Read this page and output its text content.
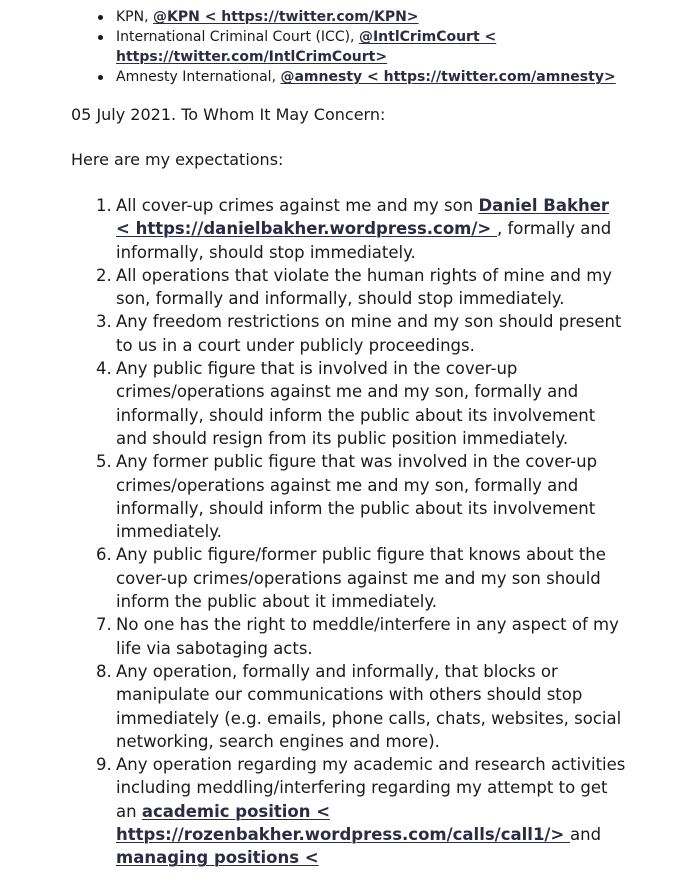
KPN, @KPN < https://twitter.com/KPN>
International Criminal Court (ICC), @IntlCrimCourt < https://twitter.com/IntlCrimCourt>
Amnesty International, @amnesty < https://twitter.com/amnesty>

05 July 2021. To Whom It May Concern:

Here are my expectations:

1. All cover-up crimes against me and my son Daniel Bakher < https://danielbakher.wordpress.com/> , formally and informally, should stop immediately.
2. All operations that violate the human rights of mine and my son, formally and informally, should stop immediately.
3. Any freedom restrictions on mine and my son should present to us in a court under publicly proceedings.
4. Any public figure that is involved in the cover-up crimes/operations against me and my son, formally and informally, should inform the public about its involvement and should resign from its public position immediately.
5. Any former public figure that was involved in the cover-up crimes/operations against me and my son, formally and informally, should inform the public about its involvement immediately.
6. Any public figure/former public figure that knows about the cover-up crimes/operations against me and my son should inform the public about it immediately.
7. No one has the right to meddle/interfere in any aspect of my life via sabotaging acts.
8. Any operation, formally and informally, that blocks or manipulate our communications with others should stop immediately (e.g. emails, phone calls, chats, websites, social networking, search engines and more).
9. Any operation regarding my academic and research activities including meddling/interfering regarding my attempt to get an academic position < https://rozenbakher.wordpress.com/calls/call1/> and managing positions <
